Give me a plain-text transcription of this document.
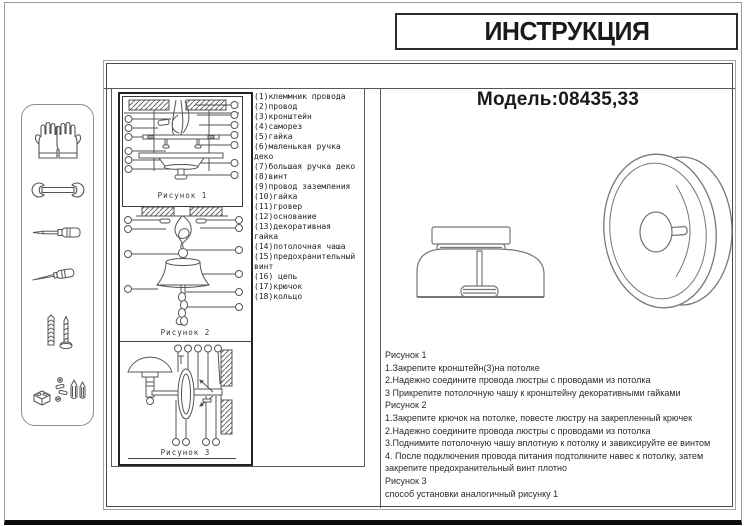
ИНСТРУКЦИЯ
Рисунок 1
Рисунок 2
Рисунок 3
(1)клеммник провода
(2)провод
(3)кронштейн
(4)саморез
(5)гайка
(6)маленькая ручка деко
(7)большая ручка деко
(8)винт
(9)провод заземления
(10)гайка
(11)гровер
(12)основание
(13)декоративная гайка
(14)потолочная чаша
(15)предохранительный винт
(16) цепь
(17)крючок
(18)кольцо
Модель:08435,33
Рисунок 1
1.Закрепите кронштейн(3)на потолке
2.Надежно соедините провода люстры с проводами из потолка
3 Прикрепите потолочную чашу к кронштейну декоративными гайками
Рисунок 2
1.Закрепите крючок на потолке, повесте люстру на закрепленный крючек
2.Надежно соедините провода люстры с проводами из потолка
3.Поднимите потолочную чашу вплотную к потолку и завиксируйте ее винтом
4. После подключения провода питания подтолкните навес к потолку, затем
закрепите предохранительный винт плотно
Рисунок 3
способ установки аналогичный рисунку 1
